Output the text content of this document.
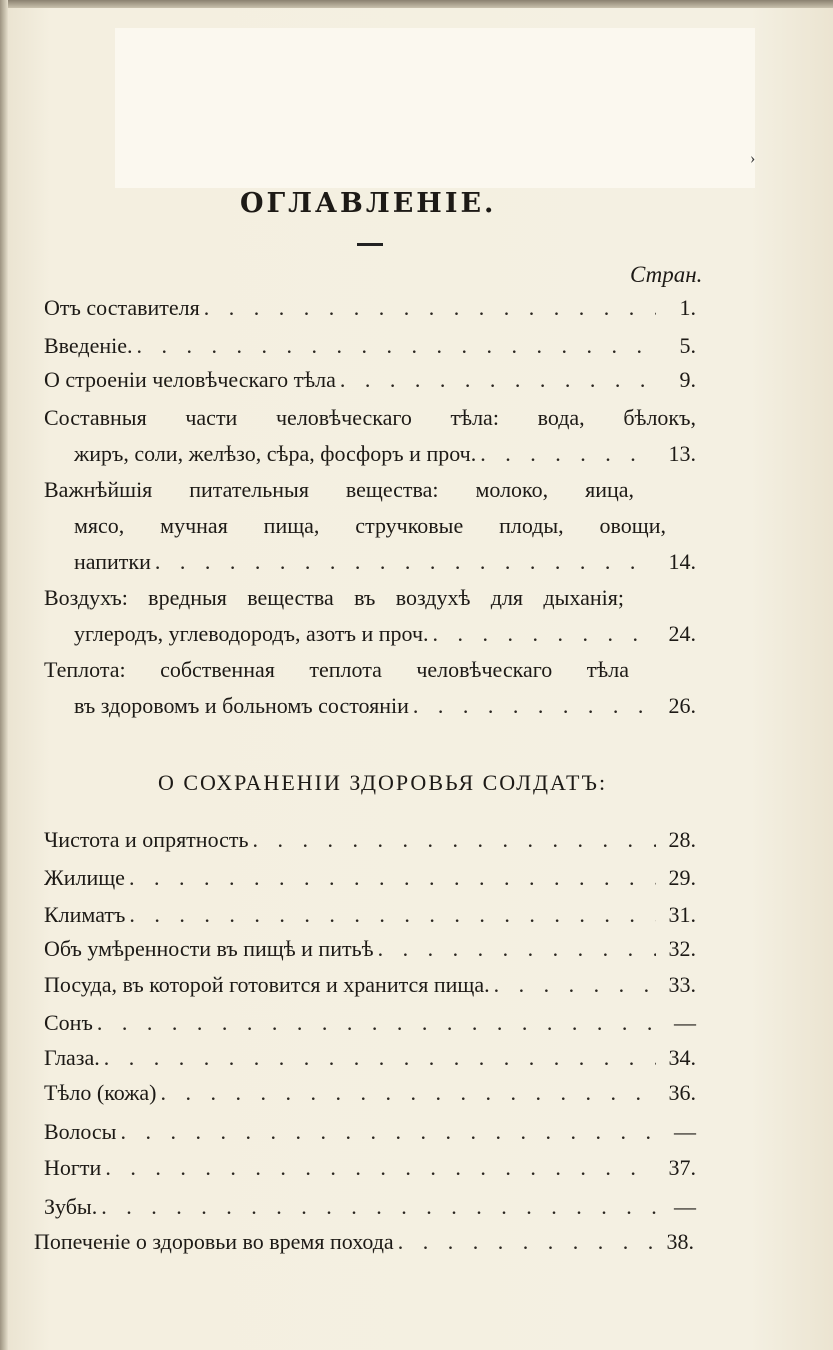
›
ОГЛАВЛЕНІЕ.
Стран.
Отъ составителя . . .	1.
Введеніе. . . .	5.
О строеніи человѣческаго тѣла . . .	9.
Составныя части человѣческаго тѣла: вода, бѣлокъ,
жиръ, соли, желѣзо, сѣра, фосфоръ и проч. . . .	13.
Важнѣйшія питательныя вещества: молоко, яица,
мясо, мучная пища, стручковые плоды, овощи,
напитки . . .	14.
Воздухъ: вредныя вещества въ воздухѣ для дыханія;
углеродъ, углеводородъ, азотъ и проч. . . .	24.
Теплота: собственная теплота человѣческаго тѣла
въ здоровомъ и больномъ состояніи . . .	26.
О СОХРАНЕНІИ ЗДОРОВЬЯ СОЛДАТЪ:
Чистота и опрятность . . .	28.
Жилище . . .	29.
Климатъ . . .	31.
Объ умѣренности въ пищѣ и питьѣ . . .	32.
Посуда, въ которой готовится и хранится пища. . . .	33.
Сонъ . . .	—
Глаза. . . .	34.
Тѣло (кожа) . . .	36.
Волосы . . .	—
Ногти . . .	37.
Зубы. . . .	—
Попеченіе о здоровьи во время похода . . .	38.
